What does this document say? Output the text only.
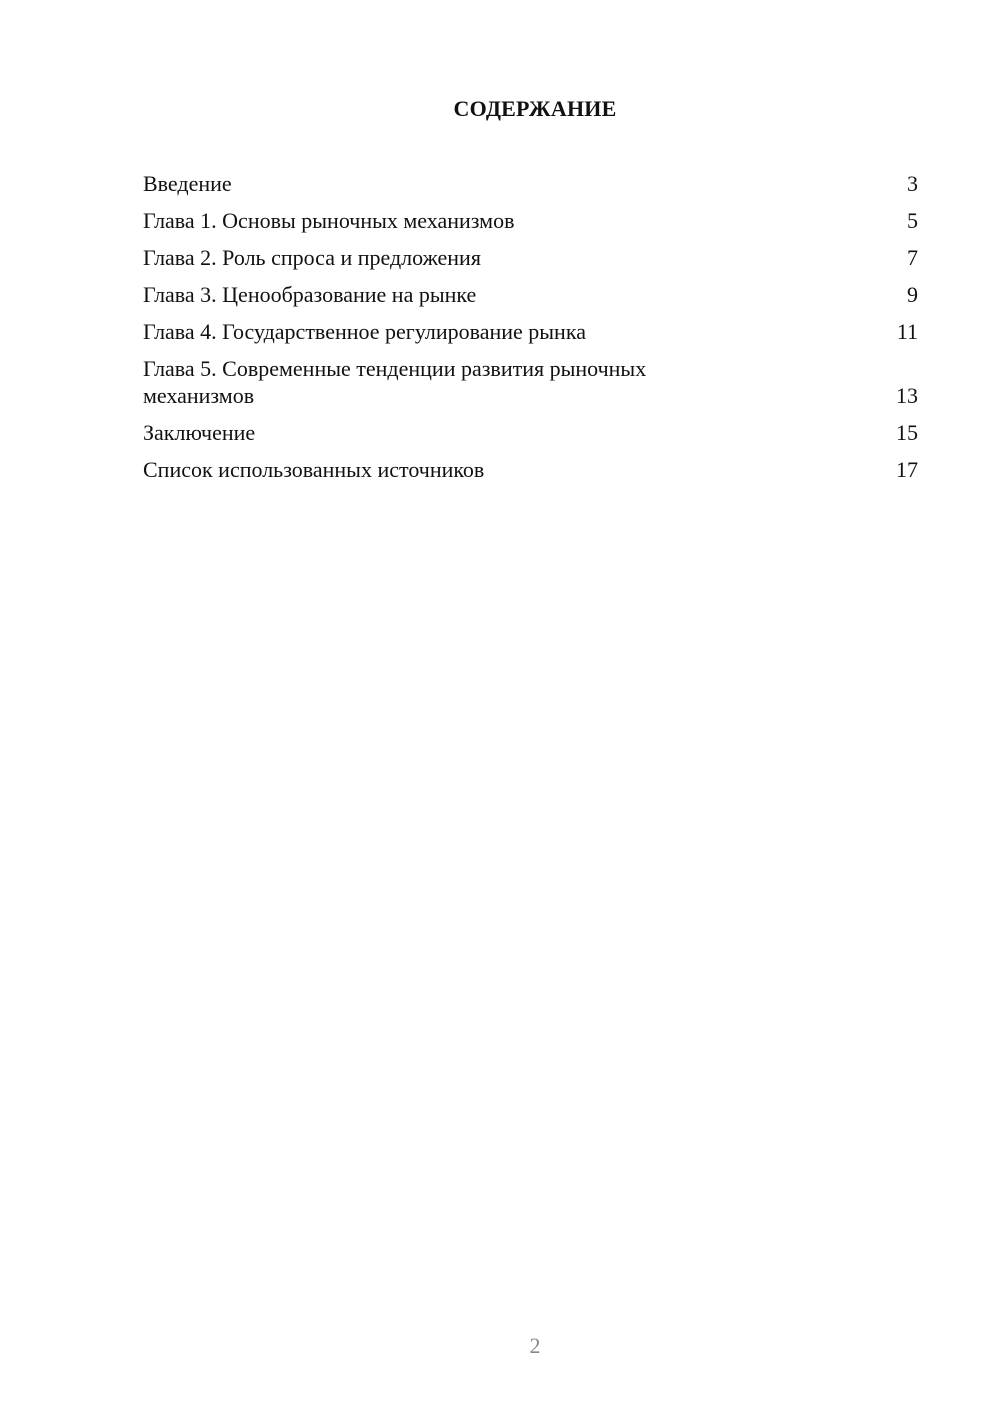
СОДЕРЖАНИЕ
Введение	3
Глава 1. Основы рыночных механизмов	5
Глава 2. Роль спроса и предложения	7
Глава 3. Ценообразование на рынке	9
Глава 4. Государственное регулирование рынка	11
Глава 5. Современные тенденции развития рыночных механизмов	13
Заключение	15
Список использованных источников	17
2
